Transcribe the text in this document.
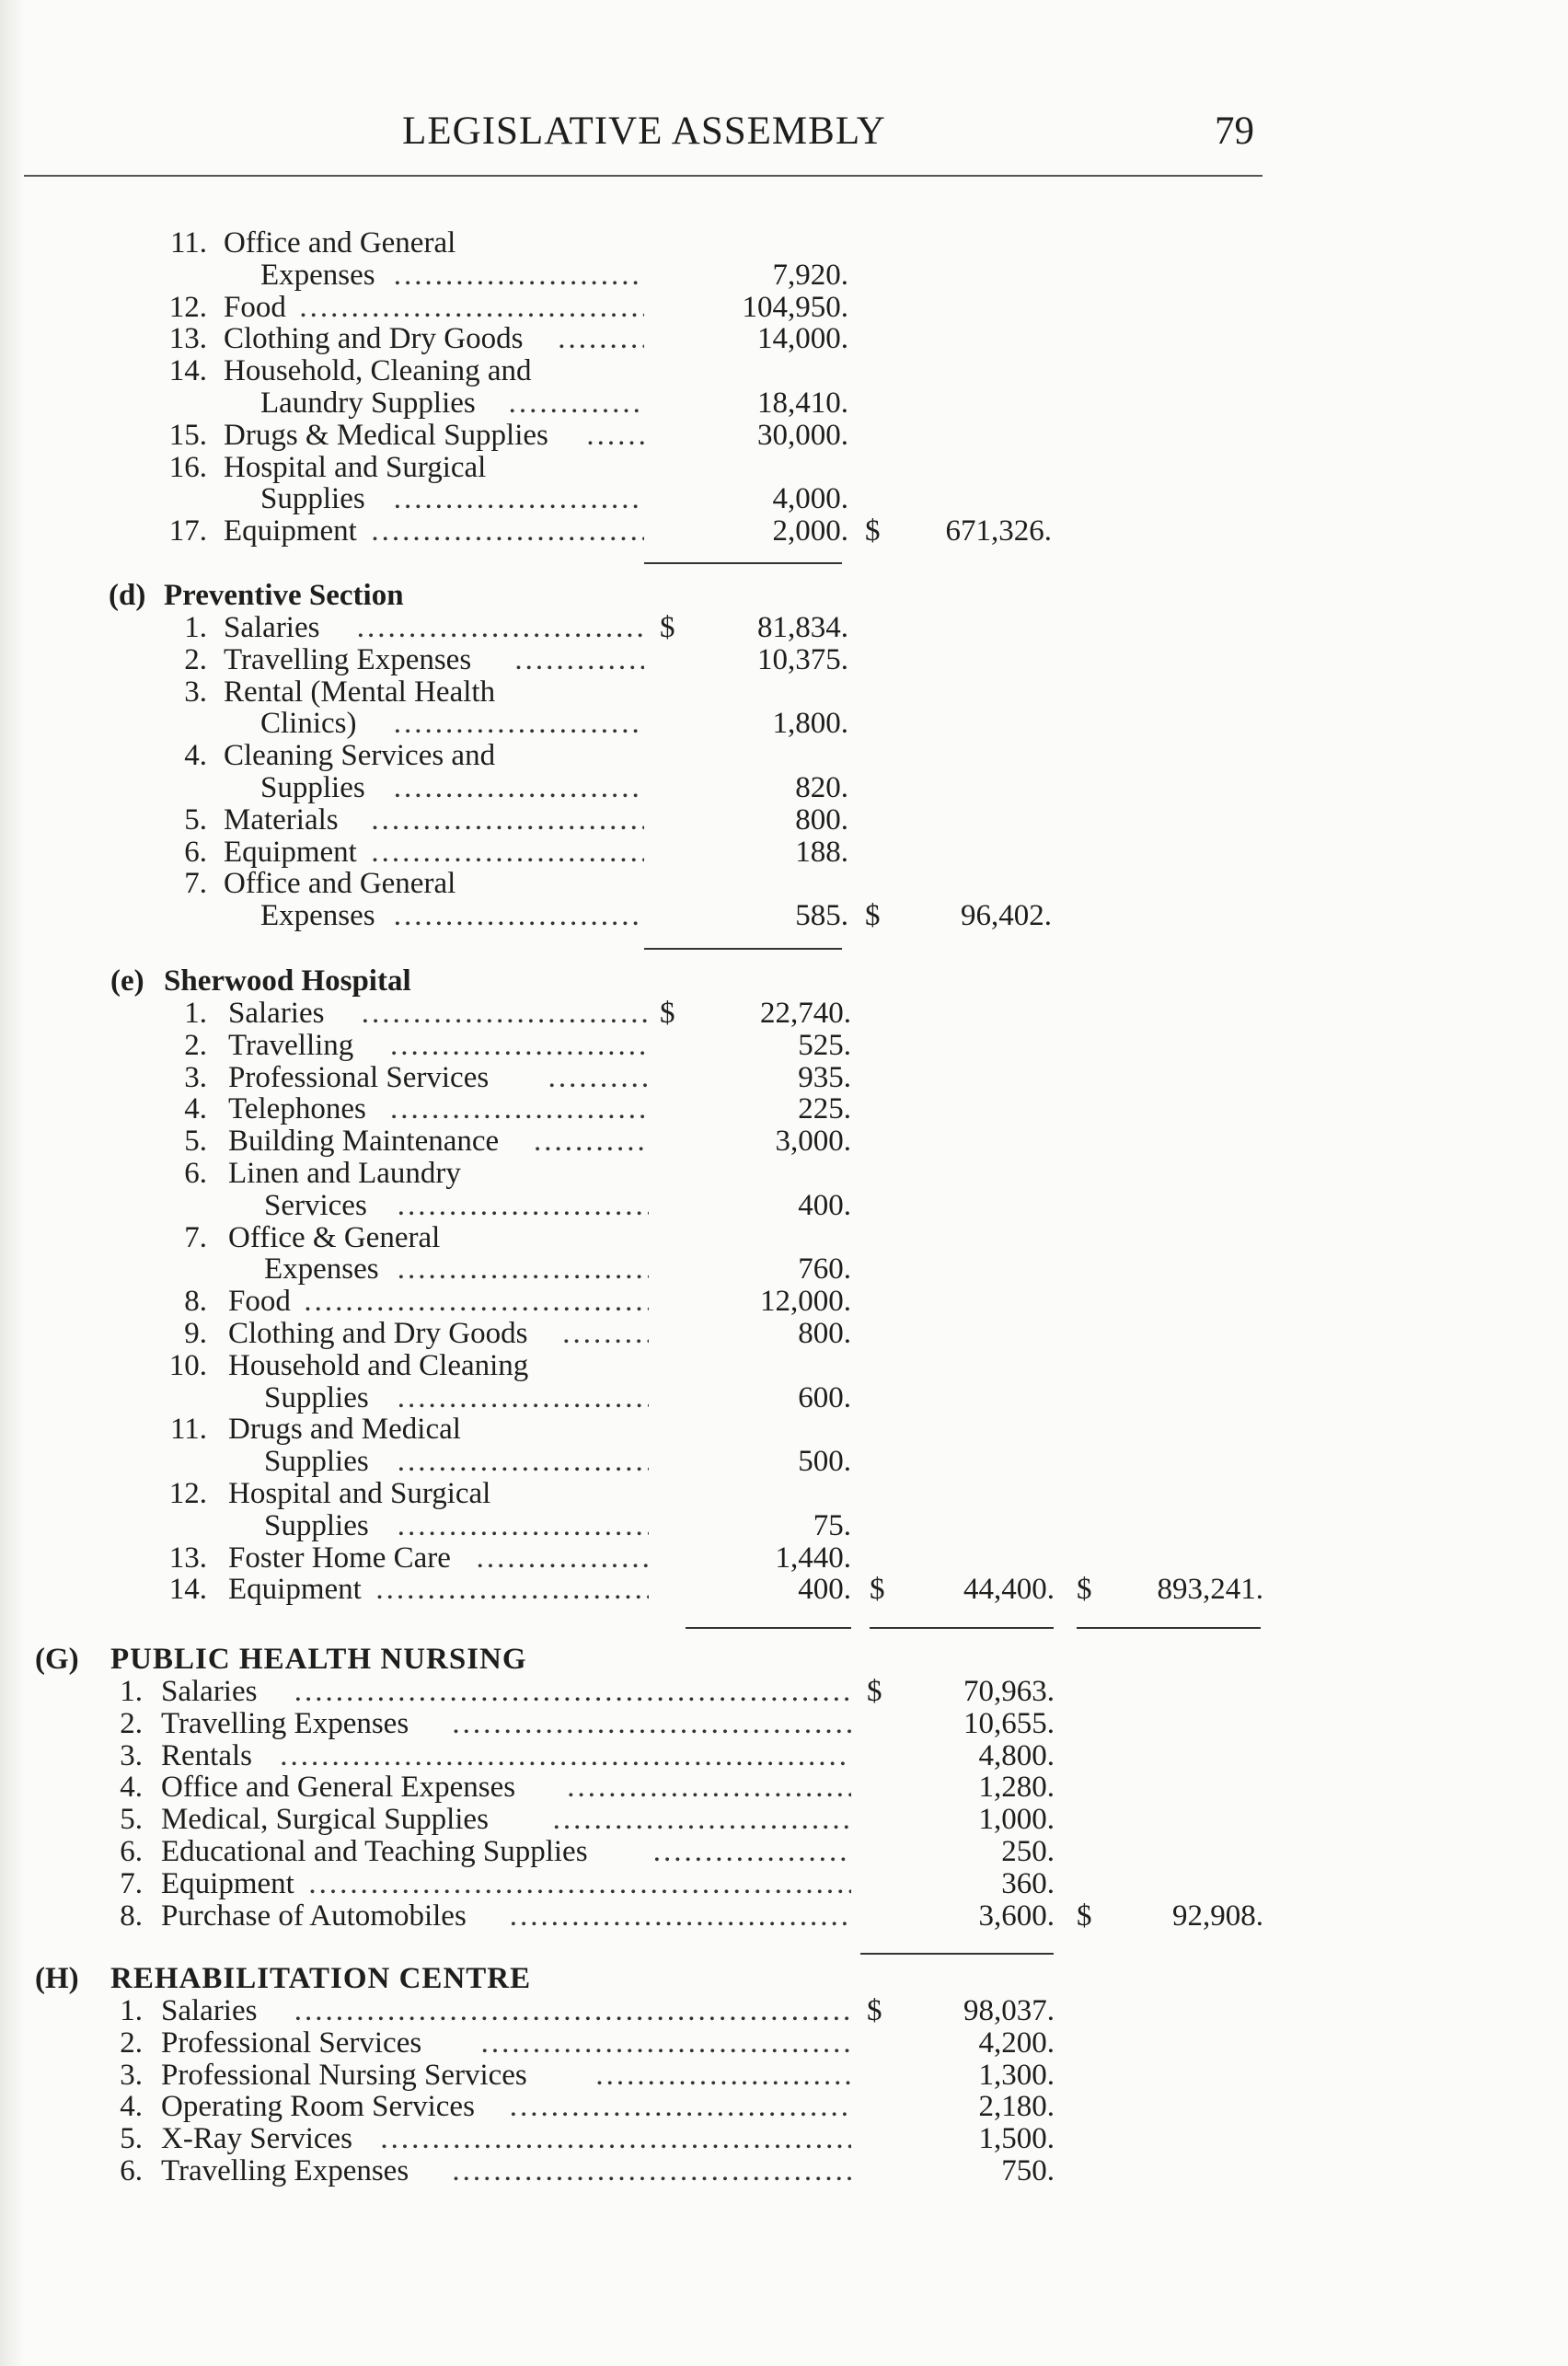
LEGISLATIVE ASSEMBLY	79
11. Office and General
Expenses .....	7,920.
12. Food .....	104,950.
13. Clothing and Dry Goods .....	14,000.
14. Household, Cleaning and
Laundry Supplies .....	18,410.
15. Drugs & Medical Supplies .....	30,000.
16. Hospital and Surgical
Supplies .....	4,000.
17. Equipment .....	2,000. $	671,326.
(d) Preventive Section
1. Salaries .....	$	81,834.
2. Travelling Expenses .....	10,375.
3. Rental (Mental Health
Clinics) .....	1,800.
4. Cleaning Services and
Supplies .....	820.
5. Materials .....	800.
6. Equipment .....	188.
7. Office and General
Expenses .....	585. $	96,402.
(e) Sherwood Hospital
1. Salaries .....	$	22,740.
2. Travelling .....	525.
3. Professional Services .....	935.
4. Telephones .....	225.
5. Building Maintenance .....	3,000.
6. Linen and Laundry
Services .....	400.
7. Office & General
Expenses .....	760.
8. Food .....	12,000.
9. Clothing and Dry Goods .....	800.
10. Household and Cleaning
Supplies .....	600.
11. Drugs and Medical
Supplies .....	500.
12. Hospital and Surgical
Supplies .....	75.
13. Foster Home Care .....	1,440.
14. Equipment .....	400. $	44,400. $	893,241.
(G) PUBLIC HEALTH NURSING
1. Salaries .....	$	70,963.
2. Travelling Expenses .....	10,655.
3. Rentals .....	4,800.
4. Office and General Expenses .....	1,280.
5. Medical, Surgical Supplies .....	1,000.
6. Educational and Teaching Supplies .....	250.
7. Equipment .....	360.
8. Purchase of Automobiles .....	3,600. $	92,908.
(H) REHABILITATION CENTRE
1. Salaries .....	$	98,037.
2. Professional Services .....	4,200.
3. Professional Nursing Services .....	1,300.
4. Operating Room Services .....	2,180.
5. X-Ray Services .....	1,500.
6. Travelling Expenses .....	750.
